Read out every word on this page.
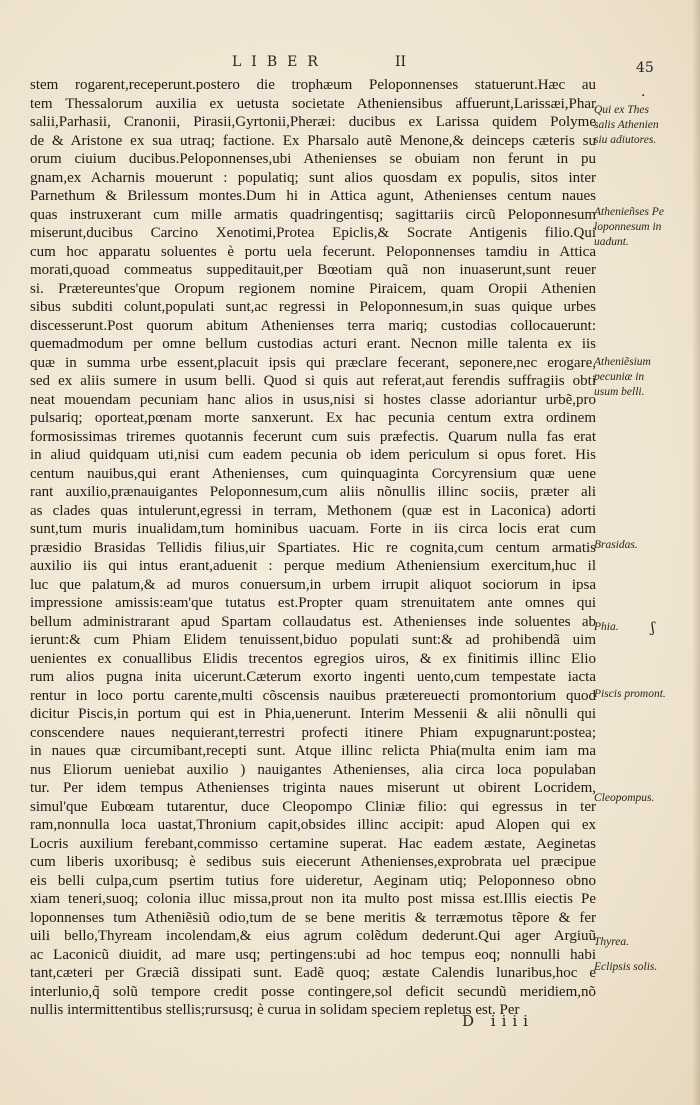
LIBER	II	45
·
stem rogarent,receperunt.postero die trophæum Peloponnenses statuerunt.Hæc au
tem Thessalorum auxilia ex uetusta societate Atheniensibus affuerunt,Larissæi,Phar
salii,Parhasii, Cranonii, Pirasii,Gyrtonii,Pheræi: ducibus ex Larissa quidem Polyme
de & Aristone ex sua utraq; factione. Ex Pharsalo autẽ Menone,& deinceps cæteris su
orum ciuium ducibus.Peloponnenses,ubi Athenienses se obuiam non ferunt in pu
gnam,ex Acharnis mouerunt : populatiq; sunt alios quosdam ex populis, sitos inter
Parnethum & Brilessum montes.Dum hi in Attica agunt, Athenienses centum naues
quas instruxerant cum mille armatis quadringentisq; sagittariis circũ Peloponnesum
miserunt,ducibus Carcino Xenotimi,Protea Epiclis,& Socrate Antigenis filio.Qui
cum hoc apparatu soluentes è portu uela fecerunt. Peloponnenses tamdiu in Attica
morati,quoad commeatus suppeditauit,per Bœotiam quã non inuaserunt,sunt reuer
si. Prætereuntes'que Oropum regionem nomine Piraicem, quam Oropii Athenien
sibus subditi colunt,populati sunt,ac regressi in Peloponnesum,in suas quique urbes
discesserunt.Post quorum abitum Athenienses terra mariq; custodias collocauerunt:
quemadmodum per omne bellum custodias acturi erant. Necnon mille talenta ex iis
quæ in summa urbe essent,placuit ipsis qui præclare fecerant, seponere,nec erogare,
sed ex aliis sumere in usum belli. Quod si quis aut referat,aut ferendis suffragiis obti
neat mouendam pecuniam hanc alios in usus,nisi si hostes classe adoriantur urbẽ,pro
pulsariq; oporteat,pœnam morte sanxerunt. Ex hac pecunia centum extra ordinem
formosissimas triremes quotannis fecerunt cum suis præfectis. Quarum nulla fas erat
in aliud quidquam uti,nisi cum eadem pecunia ob idem periculum si opus foret. His
centum nauibus,qui erant Athenienses, cum quinquaginta Corcyrensium quæ uene
rant auxilio,prænauigantes Peloponnesum,cum aliis nõnullis illinc sociis, præter ali
as clades quas intulerunt,egressi in terram, Methonem (quæ est in Laconica) adorti
sunt,tum muris inualidam,tum hominibus uacuam. Forte in iis circa locis erat cum
præsidio Brasidas Tellidis filius,uir Spartiates. Hic re cognita,cum centum armatis
auxilio iis qui intus erant,aduenit : perque medium Atheniensium exercitum,huc il
luc que palatum,& ad muros conuersum,in urbem irrupit aliquot sociorum in ipsa
impressione amissis:eam'que tutatus est.Propter quam strenuitatem ante omnes qui
bellum administrarant apud Spartam collaudatus est. Athenienses inde soluentes ab
ierunt:& cum Phiam Elidem tenuissent,biduo populati sunt:& ad prohibendã uim
uenientes ex conuallibus Elidis trecentos egregios uiros, & ex finitimis illinc Elio
rum alios pugna inita uicerunt.Cæterum exorto ingenti uento,cum tempestate iacta
rentur in loco portu carente,multi cõscensis nauibus prætereuecti promontorium quod
dicitur Piscis,in portum qui est in Phia,uenerunt. Interim Messenii & alii nõnulli qui
conscendere naues nequierant,terrestri profecti itinere Phiam expugnarunt:postea;
in naues quæ circumibant,recepti sunt. Atque illinc relicta Phia(multa enim iam ma
nus Eliorum ueniebat auxilio ) nauigantes Athenienses, alia circa loca populaban
tur. Per idem tempus Athenienses triginta naues miserunt ut obirent Locridem,
simul'que Eubœam tutarentur, duce Cleopompo Cliniæ filio: qui egressus in ter
ram,nonnulla loca uastat,Thronium capit,obsides illinc accipit: apud Alopen qui ex
Locris auxilium ferebant,commisso certamine superat. Hac eadem æstate, Aeginetas
cum liberis uxoribusq; è sedibus suis eiecerunt Athenienses,exprobrata uel præcipue
eis belli culpa,cum psertim tutius fore uideretur, Aeginam utiq; Peloponneso obno
xiam teneri,suoq; colonia illuc missa,prout non ita multo post missa est.Illis eiectis Pe
loponnenses tum Atheniẽsiũ odio,tum de se bene meritis & terræmotus tẽpore & fer
uili bello,Thyream incolendam,& eius agrum colẽdum dederunt.Qui ager Argiuũ
ac Laconicũ diuidit, ad mare usq; pertingens:ubi ad hoc tempus eoq; nonnulli habi
tant,cæteri per Græciã dissipati sunt. Eadẽ quoq; æstate Calendis lunaribus,hoc e
interlunio,q̃ solũ tempore credit posse contingere,sol deficit secundũ meridiem,nõ
nullis intermittentibus stellis;rursusq; è curua in solidam speciem repletus est. Per
Qui ex Thes
salis Athenien
siu adiutores.
Athenieñses Pe
loponnesum in
uadunt.
Atheniẽsium
pecuniæ in
usum belli.
Brasidas.
Phia.
Piscis promont.
Cleopompus.
Thyrea.
Eclipsis solis.
ʃ
D iiii
